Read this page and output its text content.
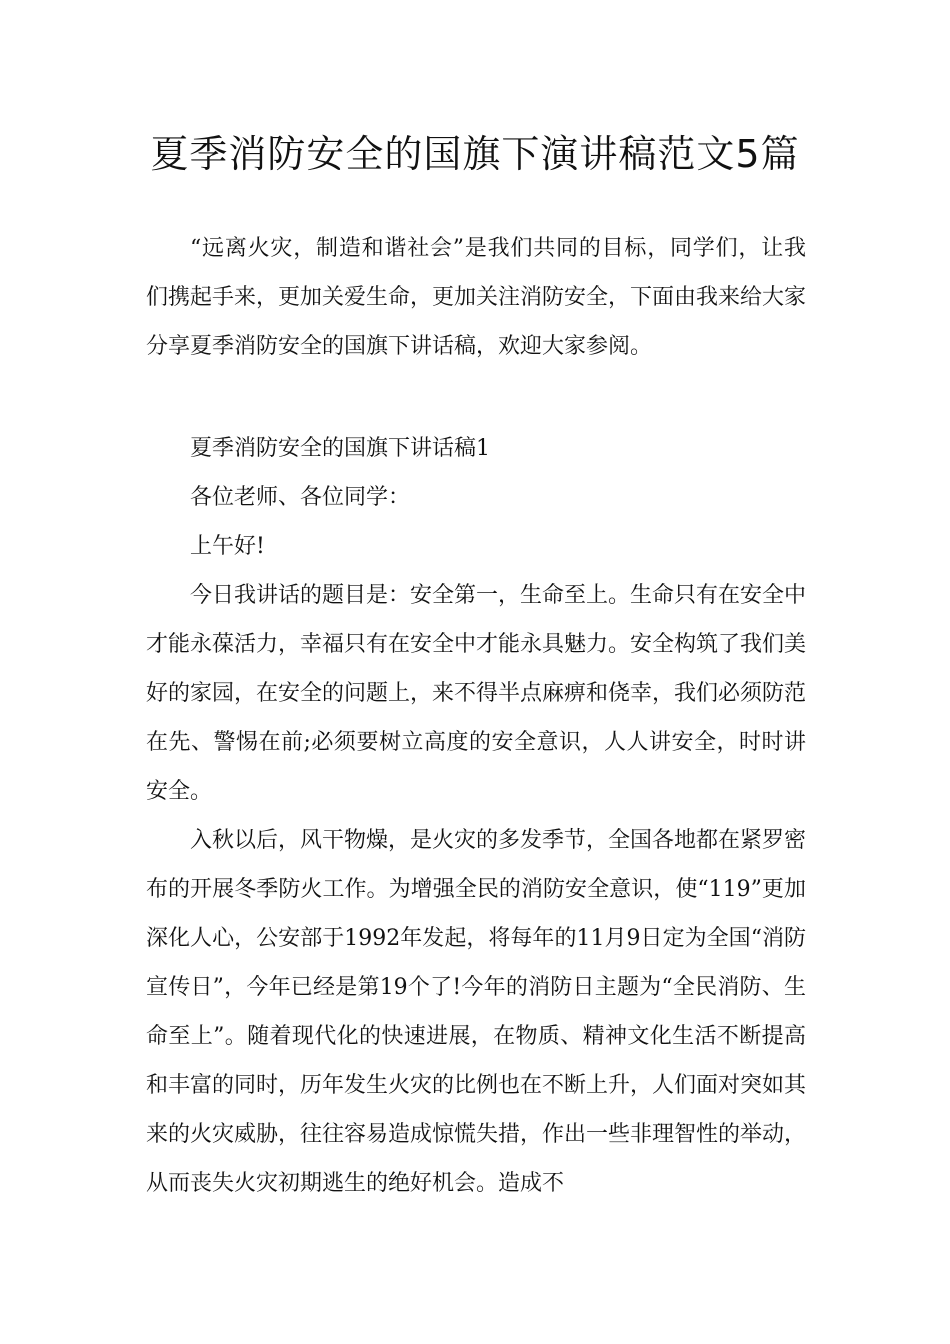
夏季消防安全的国旗下演讲稿范文5篇

“远离火灾，制造和谐社会”是我们共同的目标，同学们，让我们携起手来，更加关爱生命，更加关注消防安全，下面由我来给大家分享夏季消防安全的国旗下讲话稿，欢迎大家参阅。

夏季消防安全的国旗下讲话稿1

各位老师、各位同学：

上午好!

今日我讲话的题目是：安全第一，生命至上。生命只有在安全中才能永葆活力，幸福只有在安全中才能永具魅力。安全构筑了我们美好的家园，在安全的问题上，来不得半点麻痹和侥幸，我们必须防范在先、警惕在前;必须要树立高度的安全意识，人人讲安全，时时讲安全。

入秋以后，风干物燥，是火灾的多发季节，全国各地都在紧罗密布的开展冬季防火工作。为增强全民的消防安全意识，使“119”更加深化人心，公安部于1992年发起，将每年的11月9日定为全国“消防宣传日”，今年已经是第19个了!今年的消防日主题为“全民消防、生命至上”。随着现代化的快速进展，在物质、精神文化生活不断提高和丰富的同时，历年发生火灾的比例也在不断上升，人们面对突如其来的火灾威胁，往往容易造成惊慌失措，作出一些非理智性的举动，从而丧失火灾初期逃生的绝好机会。造成不
